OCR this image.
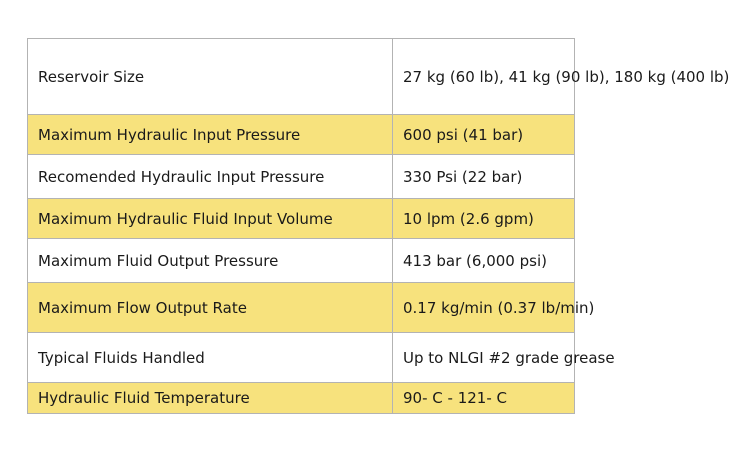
Reservoir Size	27 kg (60 lb), 41 kg (90 lb), 180 kg (400 lb)
Maximum Hydraulic Input Pressure	600 psi (41 bar)
Recomended Hydraulic Input Pressure	330 Psi (22 bar)
Maximum Hydraulic Fluid Input Volume	10 lpm (2.6 gpm)
Maximum Fluid Output Pressure	413 bar (6,000 psi)
Maximum Flow Output Rate	0.17 kg/min (0.37 lb/min)
Typical Fluids Handled	Up to NLGI #2 grade grease
Hydraulic Fluid Temperature	90- C - 121- C
